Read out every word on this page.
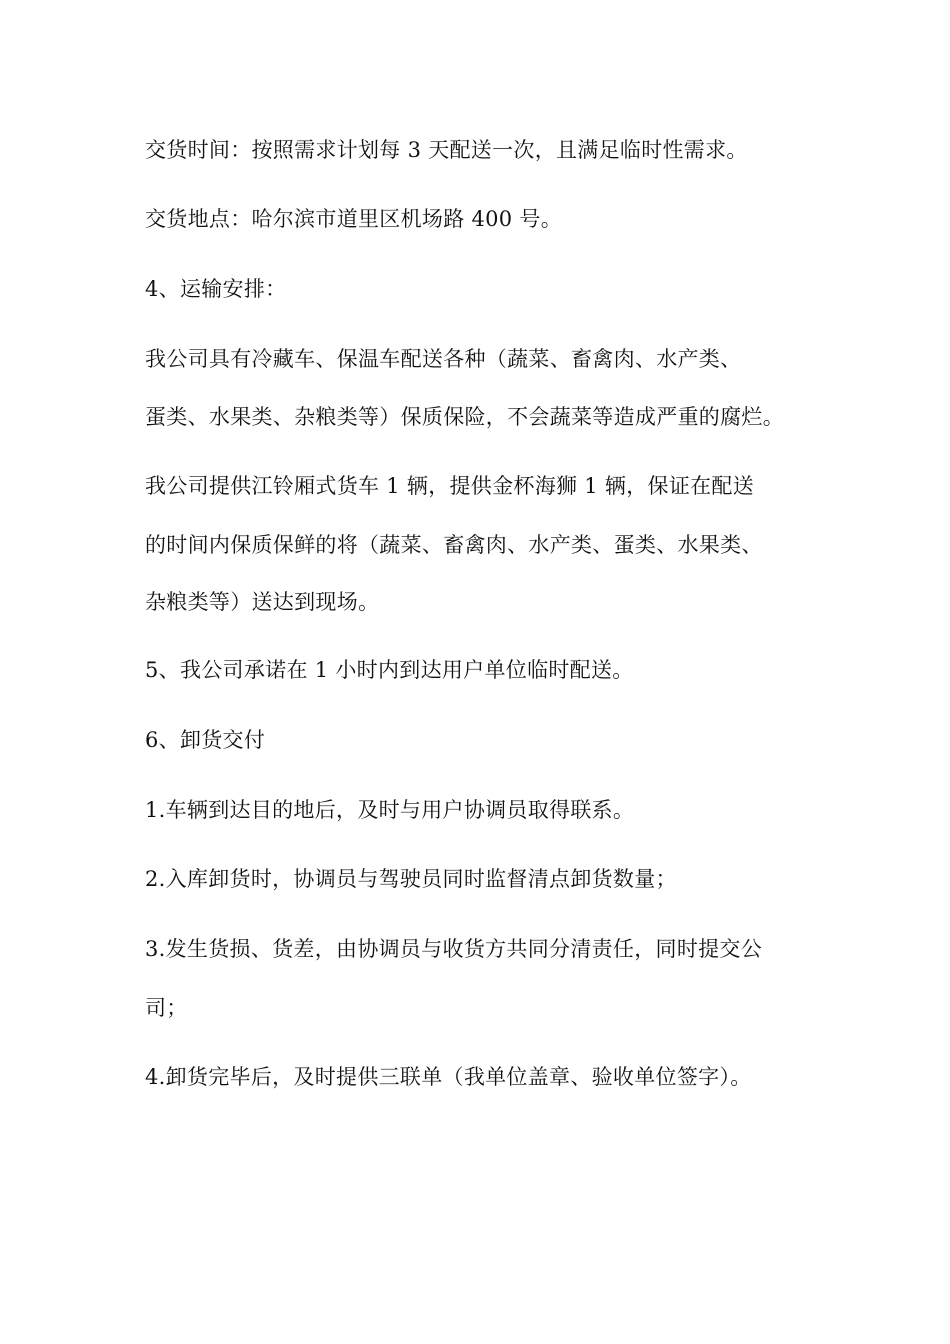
交货时间：按照需求计划每 3 天配送一次，且满足临时性需求。
交货地点：哈尔滨市道里区机场路 400 号。
4、运输安排：
我公司具有冷藏车、保温车配送各种（蔬菜、畜禽肉、水产类、
蛋类、水果类、杂粮类等）保质保险，不会蔬菜等造成严重的腐烂。
我公司提供江铃厢式货车 1 辆，提供金杯海狮 1 辆，保证在配送
的时间内保质保鲜的将（蔬菜、畜禽肉、水产类、蛋类、水果类、
杂粮类等）送达到现场。
5、我公司承诺在 1 小时内到达用户单位临时配送。
6、卸货交付
1.车辆到达目的地后，及时与用户协调员取得联系。
2.入库卸货时，协调员与驾驶员同时监督清点卸货数量；
3.发生货损、货差，由协调员与收货方共同分清责任，同时提交公
司；
4.卸货完毕后，及时提供三联单（我单位盖章、验收单位签字）。
